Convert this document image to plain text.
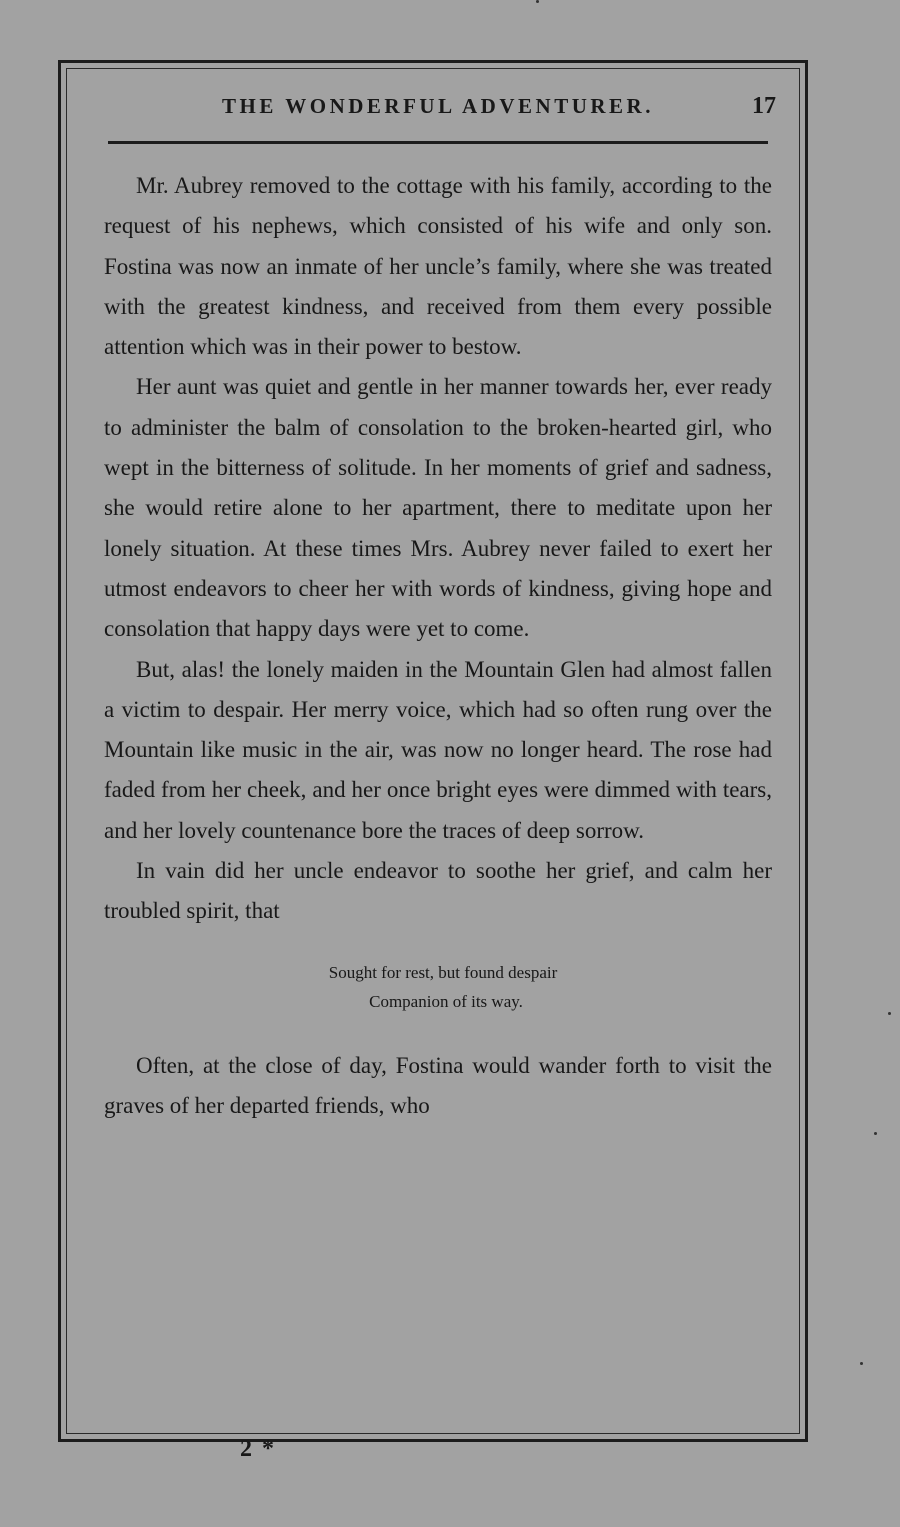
THE WONDERFUL ADVENTURER.	17

Mr. Aubrey removed to the cottage with his family, according to the request of his nephews, which consisted of his wife and only son. Fostina was now an inmate of her uncle’s family, where she was treated with the greatest kindness, and received from them every possible attention which was in their power to bestow.

Her aunt was quiet and gentle in her manner towards her, ever ready to administer the balm of consolation to the broken-hearted girl, who wept in the bitterness of solitude. In her moments of grief and sadness, she would retire alone to her apartment, there to meditate upon her lonely situation. At these times Mrs. Aubrey never failed to exert her utmost endeavors to cheer her with words of kindness, giving hope and consolation that happy days were yet to come.

But, alas! the lonely maiden in the Mountain Glen had almost fallen a victim to despair. Her merry voice, which had so often rung over the Mountain like music in the air, was now no longer heard. The rose had faded from her cheek, and her once bright eyes were dimmed with tears, and her lovely countenance bore the traces of deep sorrow.

In vain did her uncle endeavor to soothe her grief, and calm her troubled spirit, that

Sought for rest, but found despair
Companion of its way.

Often, at the close of day, Fostina would wander forth to visit the graves of her departed friends, who

2 *
